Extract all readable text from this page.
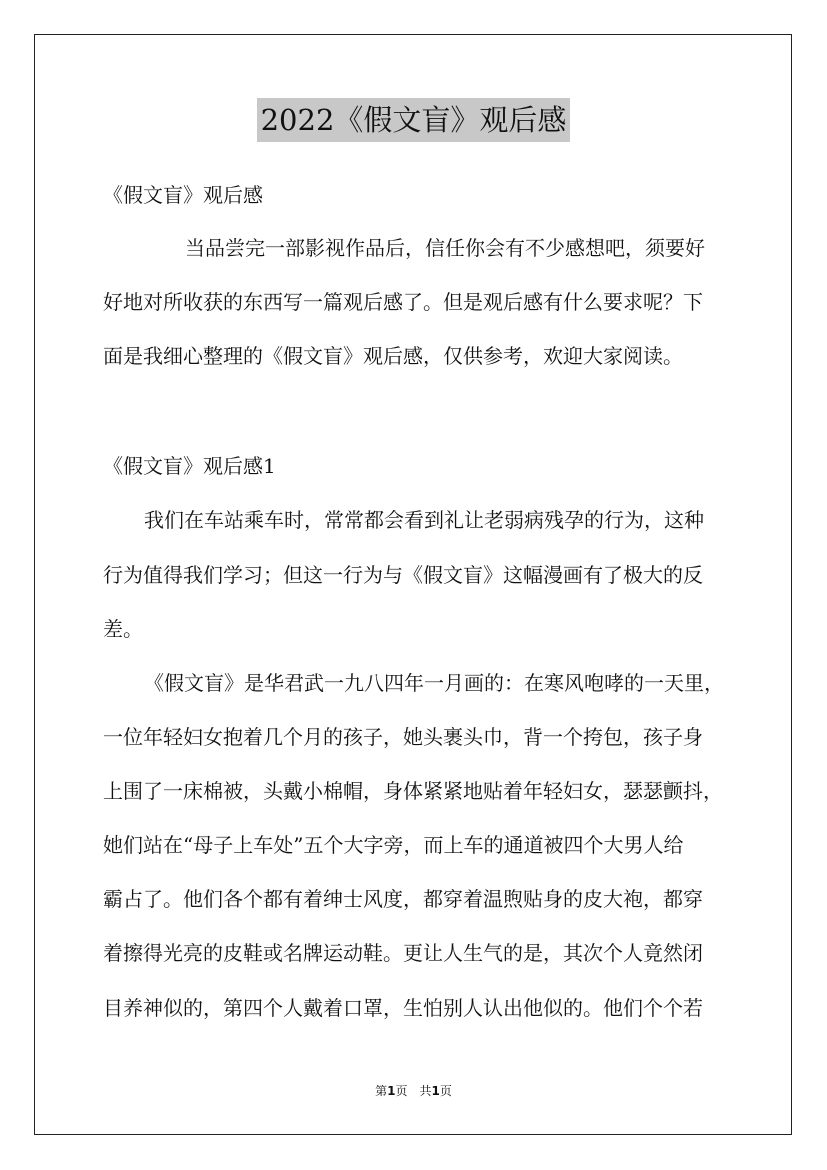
2022《假文盲》观后感
《假文盲》观后感
当品尝完一部影视作品后，信任你会有不少感想吧，须要好
好地对所收获的东西写一篇观后感了。但是观后感有什么要求呢？下
面是我细心整理的《假文盲》观后感，仅供参考，欢迎大家阅读。
《假文盲》观后感1
我们在车站乘车时，常常都会看到礼让老弱病残孕的行为，这种
行为值得我们学习；但这一行为与《假文盲》这幅漫画有了极大的反
差。
《假文盲》是华君武一九八四年一月画的：在寒风咆哮的一天里，
一位年轻妇女抱着几个月的孩子，她头裹头巾，背一个挎包，孩子身
上围了一床棉被，头戴小棉帽，身体紧紧地贴着年轻妇女，瑟瑟颤抖，
她们站在“母子上车处”五个大字旁，而上车的通道被四个大男人给
霸占了。他们各个都有着绅士风度，都穿着温煦贴身的皮大袍，都穿
着擦得光亮的皮鞋或名牌运动鞋。更让人生气的是，其次个人竟然闭
目养神似的，第四个人戴着口罩，生怕别人认出他似的。他们个个若
第1页　共1页
